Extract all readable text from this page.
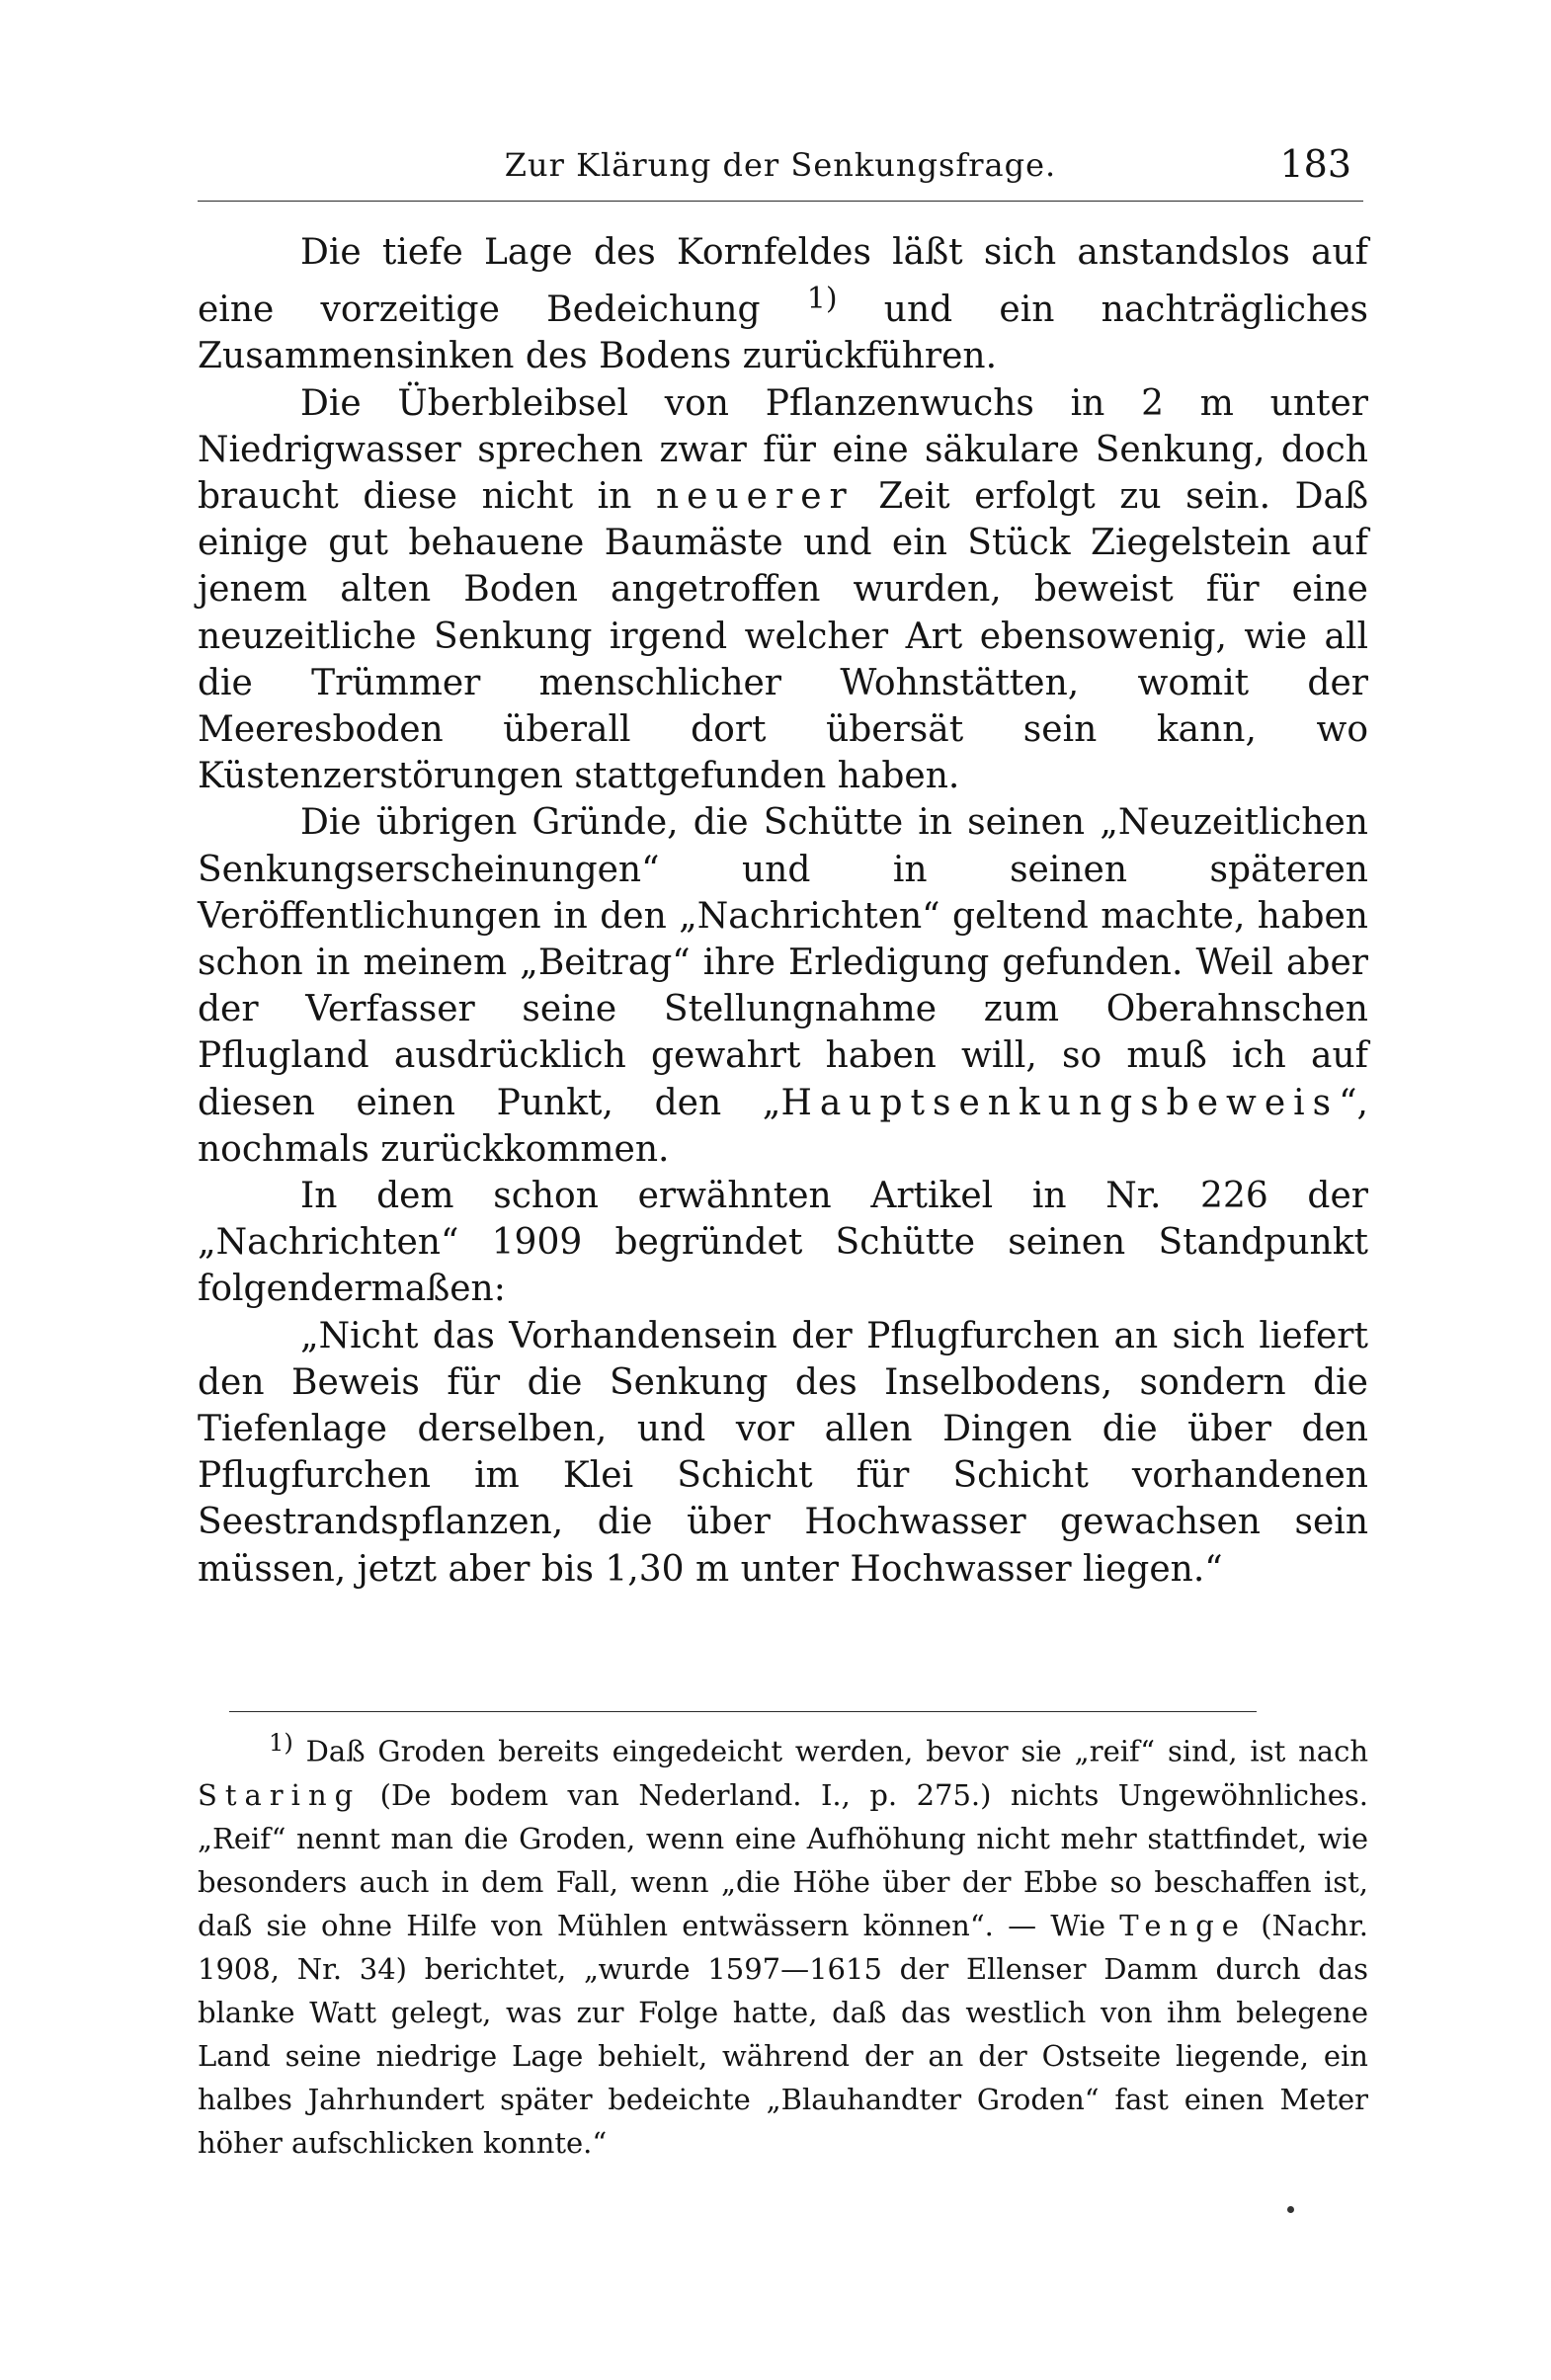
Zur Klärung der Senkungsfrage.	183

Die tiefe Lage des Kornfeldes läßt sich anstandslos auf eine vorzeitige Bedeichung $^{1)}$ und ein nachträgliches Zusammensinken des Bodens zurückführen.

Die Überbleibsel von Pflanzenwuchs in 2 m unter Niedrigwasser sprechen zwar für eine säkulare Senkung, doch braucht diese nicht in neuerer Zeit erfolgt zu sein. Daß einige gut behauene Baumäste und ein Stück Ziegelstein auf jenem alten Boden angetroffen wurden, beweist für eine neuzeitliche Senkung irgend welcher Art ebensowenig, wie all die Trümmer menschlicher Wohnstätten, womit der Meeresboden überall dort übersät sein kann, wo Küstenzerstörungen stattgefunden haben.

Die übrigen Gründe, die Schütte in seinen „Neuzeitlichen Senkungserscheinungen“ und in seinen späteren Veröffentlichungen in den „Nachrichten“ geltend machte, haben schon in meinem „Beitrag“ ihre Erledigung gefunden. Weil aber der Verfasser seine Stellungnahme zum Oberahnschen Pflugland ausdrücklich gewahrt haben will, so muß ich auf diesen einen Punkt, den „Hauptsenkungsbeweis“, nochmals zurückkommen.

In dem schon erwähnten Artikel in Nr. 226 der „Nachrichten“ 1909 begründet Schütte seinen Standpunkt folgendermaßen:

„Nicht das Vorhandensein der Pflugfurchen an sich liefert den Beweis für die Senkung des Inselbodens, sondern die Tiefenlage derselben, und vor allen Dingen die über den Pflugfurchen im Klei Schicht für Schicht vorhandenen Seestrandspflanzen, die über Hochwasser gewachsen sein müssen, jetzt aber bis 1,30 m unter Hochwasser liegen.“

$^{1)}$ Daß Groden bereits eingedeicht werden, bevor sie „reif“ sind, ist nach Staring (De bodem van Nederland. I., p. 275.) nichts Ungewöhnliches. „Reif“ nennt man die Groden, wenn eine Aufhöhung nicht mehr stattfindet, wie besonders auch in dem Fall, wenn „die Höhe über der Ebbe so beschaffen ist, daß sie ohne Hilfe von Mühlen entwässern können“. — Wie Tenge (Nachr. 1908, Nr. 34) berichtet, „wurde 1597—1615 der Ellenser Damm durch das blanke Watt gelegt, was zur Folge hatte, daß das westlich von ihm belegene Land seine niedrige Lage behielt, während der an der Ostseite liegende, ein halbes Jahrhundert später bedeichte „Blauhandter Groden“ fast einen Meter höher aufschlicken konnte.“
